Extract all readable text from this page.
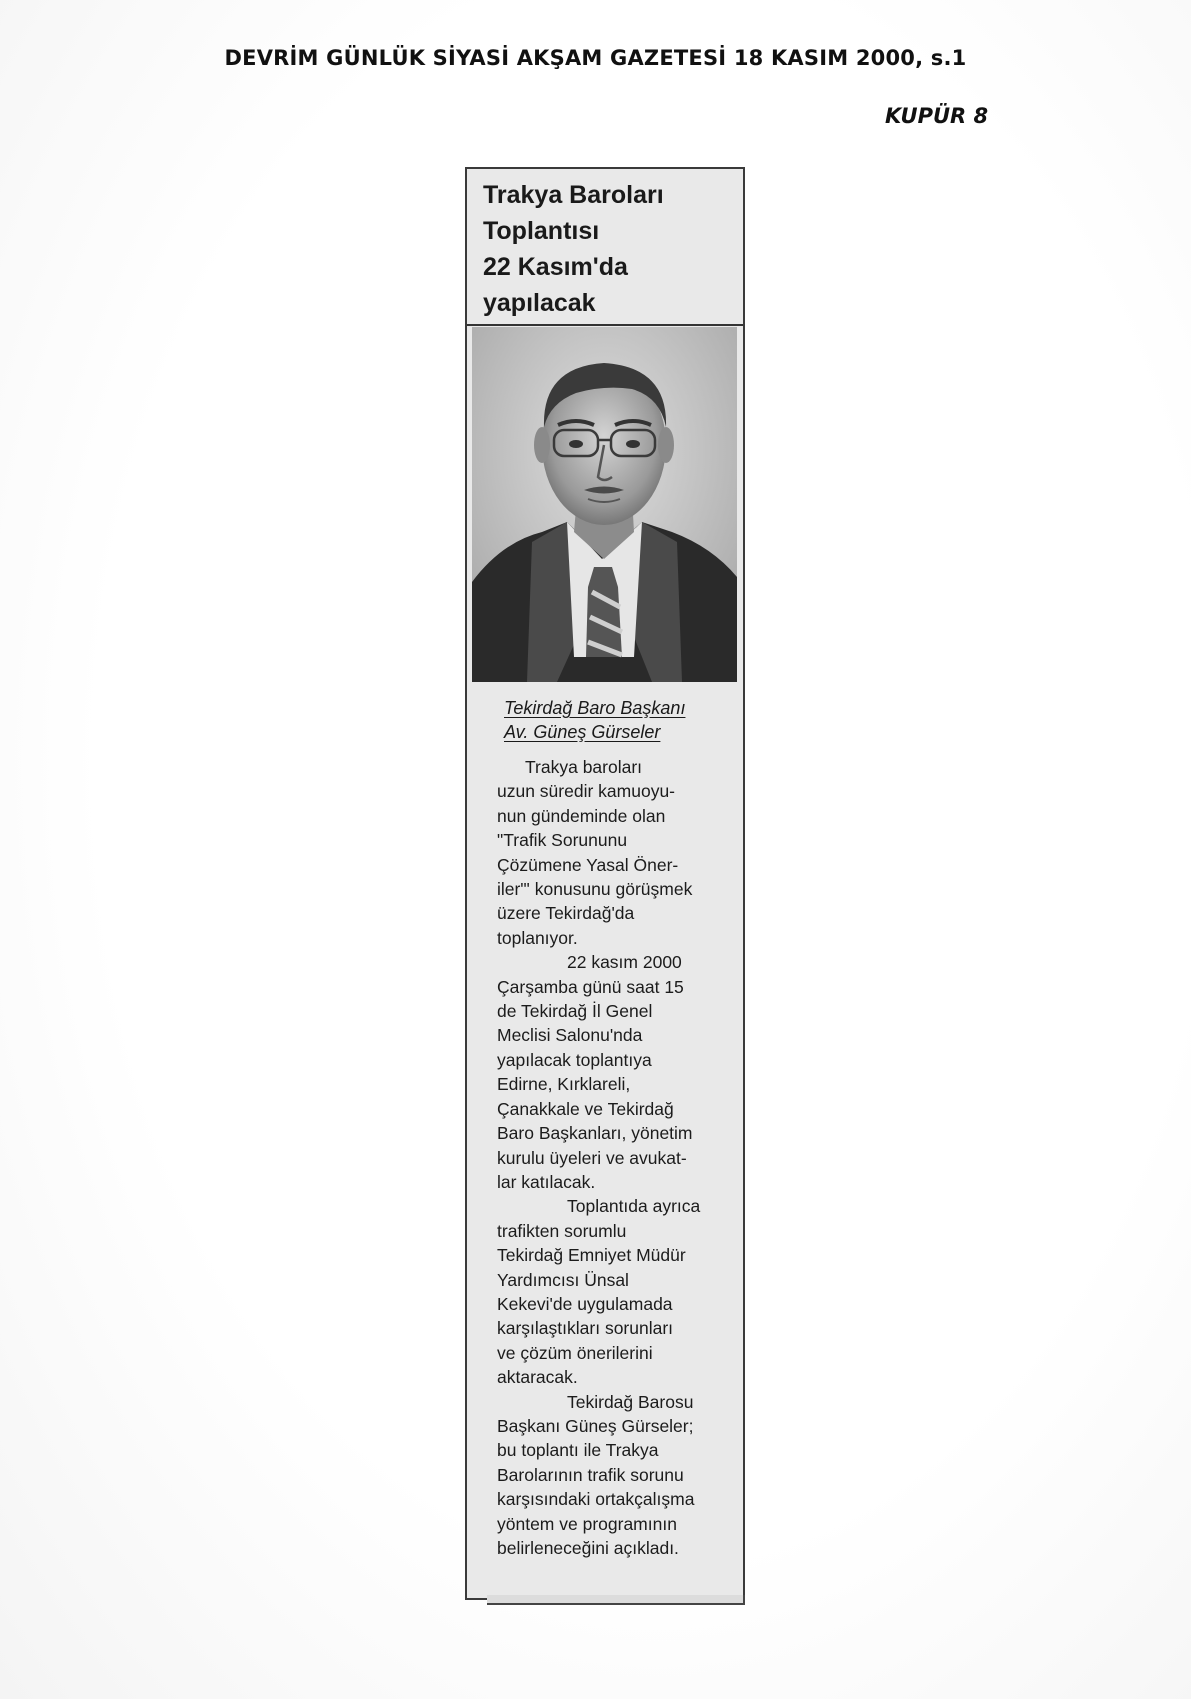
DEVRİM GÜNLÜK SİYASİ AKŞAM GAZETESİ 18 KASIM 2000, s.1
KUPÜR 8
Trakya Baroları
Toplantısı
22 Kasım'da
yapılacak
Tekirdağ Baro Başkanı
Av. Güneş Gürseler
Trakya baroları
uzun süredir kamuoyu-
nun gündeminde olan
"Trafik Sorununu
Çözümene Yasal Öner-
iler"' konusunu görüşmek
üzere Tekirdağ'da
toplanıyor.
22 kasım 2000
Çarşamba günü saat 15
de Tekirdağ İl Genel
Meclisi Salonu'nda
yapılacak toplantıya
Edirne, Kırklareli,
Çanakkale ve Tekirdağ
Baro Başkanları, yönetim
kurulu üyeleri ve avukat-
lar katılacak.
Toplantıda ayrıca
trafikten sorumlu
Tekirdağ Emniyet Müdür
Yardımcısı Ünsal
Kekevi'de uygulamada
karşılaştıkları sorunları
ve çözüm önerilerini
aktaracak.
Tekirdağ Barosu
Başkanı Güneş Gürseler;
bu toplantı ile Trakya
Barolarının trafik sorunu
karşısındaki ortakçalışma
yöntem ve programının
belirleneceğini açıkladı.
